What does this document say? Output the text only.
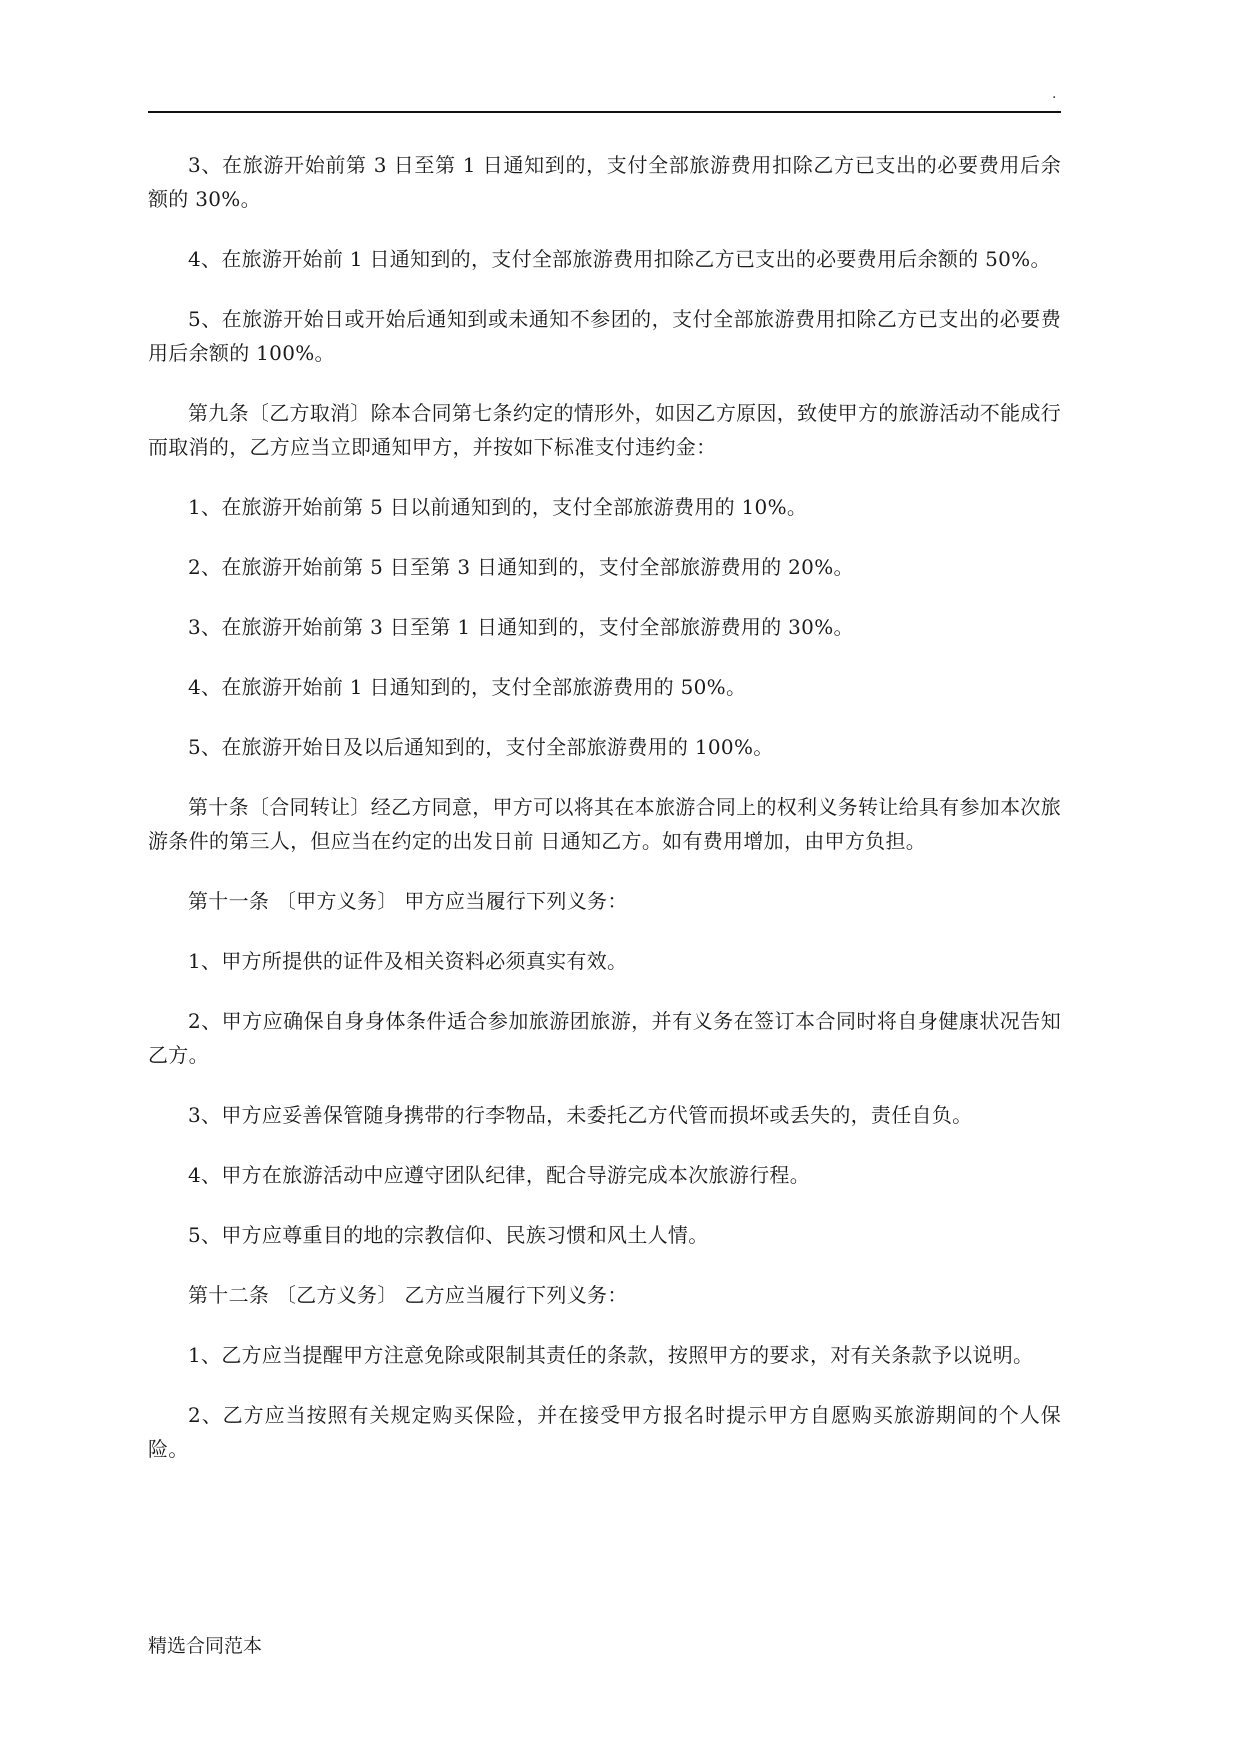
.

3、在旅游开始前第 3 日至第 1 日通知到的，支付全部旅游费用扣除乙方已支出的必要费用后余额的 30%。

4、在旅游开始前 1 日通知到的，支付全部旅游费用扣除乙方已支出的必要费用后余额的 50%。

5、在旅游开始日或开始后通知到或未通知不参团的，支付全部旅游费用扣除乙方已支出的必要费用后余额的 100%。

第九条〔乙方取消〕除本合同第七条约定的情形外，如因乙方原因，致使甲方的旅游活动不能成行而取消的，乙方应当立即通知甲方，并按如下标准支付违约金：

1、在旅游开始前第 5 日以前通知到的，支付全部旅游费用的 10%。

2、在旅游开始前第 5 日至第 3 日通知到的，支付全部旅游费用的 20%。

3、在旅游开始前第 3 日至第 1 日通知到的，支付全部旅游费用的 30%。

4、在旅游开始前 1 日通知到的，支付全部旅游费用的 50%。

5、在旅游开始日及以后通知到的，支付全部旅游费用的 100%。

第十条〔合同转让〕经乙方同意，甲方可以将其在本旅游合同上的权利义务转让给具有参加本次旅游条件的第三人，但应当在约定的出发日前 日通知乙方。如有费用增加，由甲方负担。

第十一条 〔甲方义务〕 甲方应当履行下列义务：

1、甲方所提供的证件及相关资料必须真实有效。

2、甲方应确保自身身体条件适合参加旅游团旅游，并有义务在签订本合同时将自身健康状况告知乙方。

3、甲方应妥善保管随身携带的行李物品，未委托乙方代管而损坏或丢失的，责任自负。

4、甲方在旅游活动中应遵守团队纪律，配合导游完成本次旅游行程。

5、甲方应尊重目的地的宗教信仰、民族习惯和风土人情。

第十二条 〔乙方义务〕 乙方应当履行下列义务：

1、乙方应当提醒甲方注意免除或限制其责任的条款，按照甲方的要求，对有关条款予以说明。

2、乙方应当按照有关规定购买保险，并在接受甲方报名时提示甲方自愿购买旅游期间的个人保险。

精选合同范本
